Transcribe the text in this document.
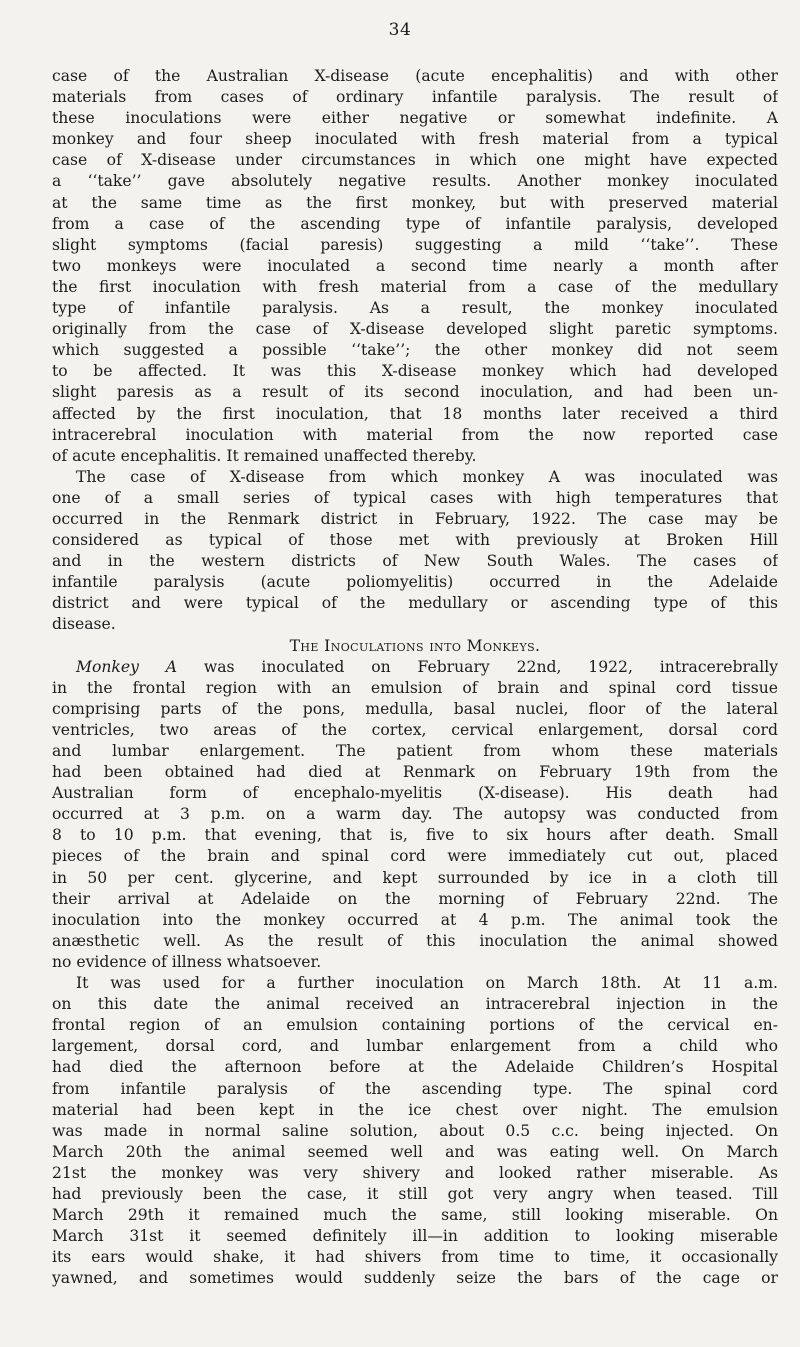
34
case of the Australian X-disease (acute encephalitis) and with other
materials from cases of ordinary infantile paralysis. The result of
these inoculations were either negative or somewhat indefinite. A
monkey and four sheep inoculated with fresh material from a typical
case of X-disease under circumstances in which one might have expected
a ‘‘take’’ gave absolutely negative results. Another monkey inoculated
at the same time as the first monkey, but with preserved material
from a case of the ascending type of infantile paralysis, developed
slight symptoms (facial paresis) suggesting a mild ‘‘take’’. These
two monkeys were inoculated a second time nearly a month after
the first inoculation with fresh material from a case of the medullary
type of infantile paralysis. As a result, the monkey inoculated
originally from the case of X-disease developed slight paretic symptoms.
which suggested a possible ‘‘take’’; the other monkey did not seem
to be affected. It was this X-disease monkey which had developed
slight paresis as a result of its second inoculation, and had been un-
affected by the first inoculation, that 18 months later received a third
intracerebral inoculation with material from the now reported case
of acute encephalitis. It remained unaffected thereby.
The case of X-disease from which monkey A was inoculated was
one of a small series of typical cases with high temperatures that
occurred in the Renmark district in February, 1922. The case may be
considered as typical of those met with previously at Broken Hill
and in the western districts of New South Wales. The cases of
infantile paralysis (acute poliomyelitis) occurred in the Adelaide
district and were typical of the medullary or ascending type of this
disease.
The Inoculations into Monkeys.
Monkey A was inoculated on February 22nd, 1922, intracerebrally
in the frontal region with an emulsion of brain and spinal cord tissue
comprising parts of the pons, medulla, basal nuclei, floor of the lateral
ventricles, two areas of the cortex, cervical enlargement, dorsal cord
and lumbar enlargement. The patient from whom these materials
had been obtained had died at Renmark on February 19th from the
Australian form of encephalo-myelitis (X-disease). His death had
occurred at 3 p.m. on a warm day. The autopsy was conducted from
8 to 10 p.m. that evening, that is, five to six hours after death. Small
pieces of the brain and spinal cord were immediately cut out, placed
in 50 per cent. glycerine, and kept surrounded by ice in a cloth till
their arrival at Adelaide on the morning of February 22nd. The
inoculation into the monkey occurred at 4 p.m. The animal took the
anæsthetic well. As the result of this inoculation the animal showed
no evidence of illness whatsoever.
It was used for a further inoculation on March 18th. At 11 a.m.
on this date the animal received an intracerebral injection in the
frontal region of an emulsion containing portions of the cervical en-
largement, dorsal cord, and lumbar enlargement from a child who
had died the afternoon before at the Adelaide Children’s Hospital
from infantile paralysis of the ascending type. The spinal cord
material had been kept in the ice chest over night. The emulsion
was made in normal saline solution, about 0.5 c.c. being injected. On
March 20th the animal seemed well and was eating well. On March
21st the monkey was very shivery and looked rather miserable. As
had previously been the case, it still got very angry when teased. Till
March 29th it remained much the same, still looking miserable. On
March 31st it seemed definitely ill—in addition to looking miserable
its ears would shake, it had shivers from time to time, it occasionally
yawned, and sometimes would suddenly seize the bars of the cage or
